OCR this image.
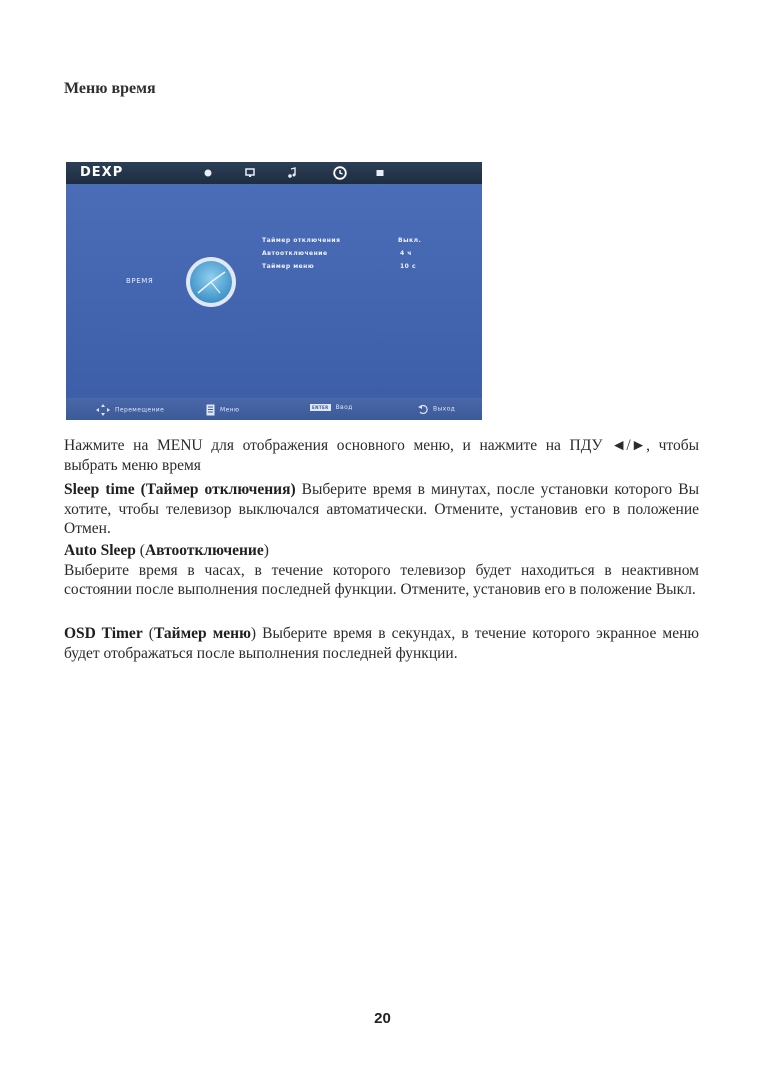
Меню время
DEXP
ВРЕМЯ
Таймер отключения	Выкл.
Автоотключение	4 ч
Таймер меню	10 с
Перемещение	Меню	ENTER Ввод	Выход
Нажмите на MENU для отображения основного меню, и нажмите на ПДУ ◄/►, чтобы выбрать меню время
Sleep time (Таймер отключения) Выберите время в минутах, после установки которого Вы хотите, чтобы телевизор выключался автоматически. Отмените, установив его в положение Отмен.
Auto Sleep (Автоотключение)
Выберите время в часах, в течение которого телевизор будет находиться в неактивном состоянии после выполнения последней функции. Отмените, установив его в положение Выкл.
OSD Timer (Таймер меню) Выберите время в секундах, в течение которого экранное меню будет отображаться после выполнения последней функции.
20
